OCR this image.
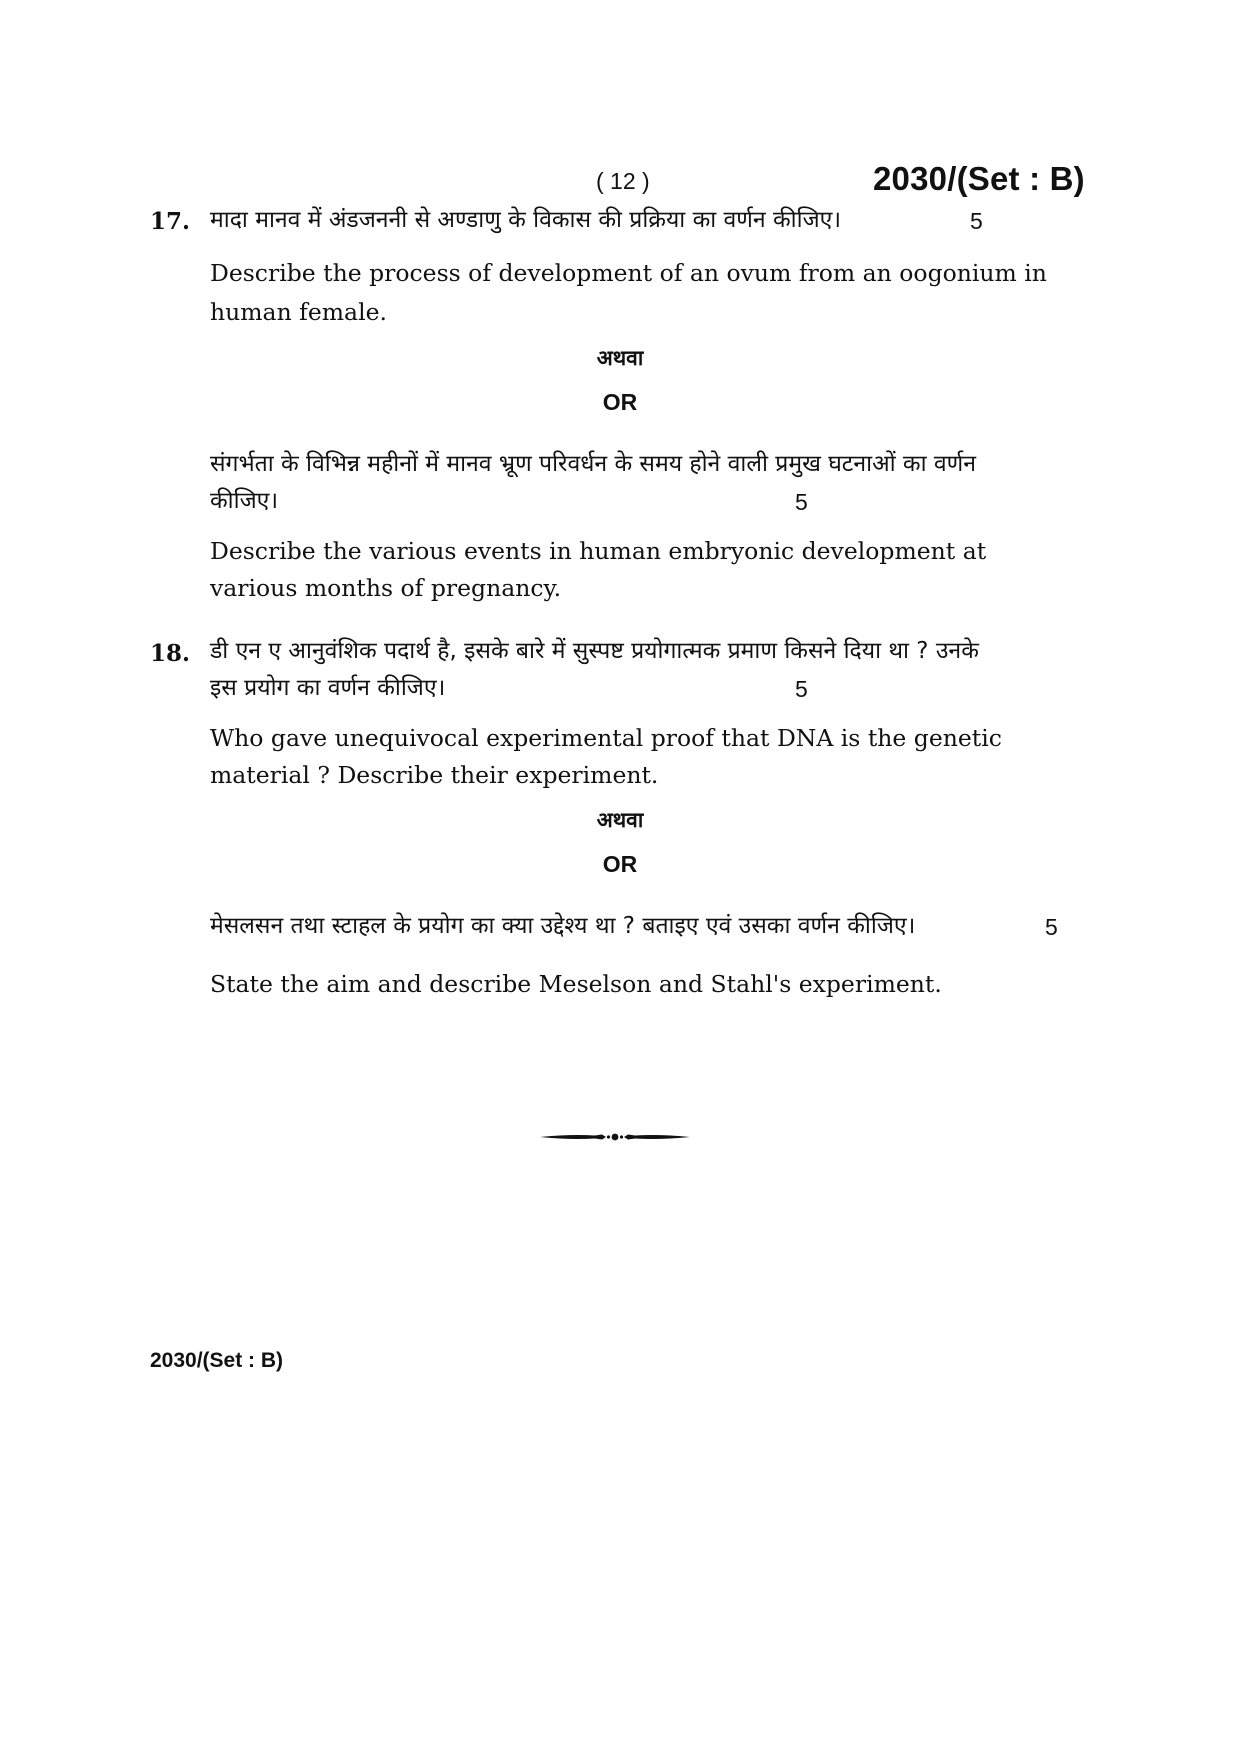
( 12 )	2030/(Set : B)
17. मादा मानव में अंडजननी से अण्डाणु के विकास की प्रक्रिया का वर्णन कीजिए।	5
Describe the process of development of an ovum from an oogonium in
human female.
अथवा
OR
संगर्भता के विभिन्न महीनों में मानव भ्रूण परिवर्धन के समय होने वाली प्रमुख घटनाओं का वर्णन
कीजिए।	5
Describe the various events in human embryonic development at
various months of pregnancy.
18. डी एन ए आनुवंशिक पदार्थ है, इसके बारे में सुस्पष्ट प्रयोगात्मक प्रमाण किसने दिया था ? उनके
इस प्रयोग का वर्णन कीजिए।	5
Who gave unequivocal experimental proof that DNA is the genetic
material ? Describe their experiment.
अथवा
OR
मेसलसन तथा स्टाहल के प्रयोग का क्या उद्देश्य था ? बताइए एवं उसका वर्णन कीजिए।	5
State the aim and describe Meselson and Stahl's experiment.
2030/(Set : B)
